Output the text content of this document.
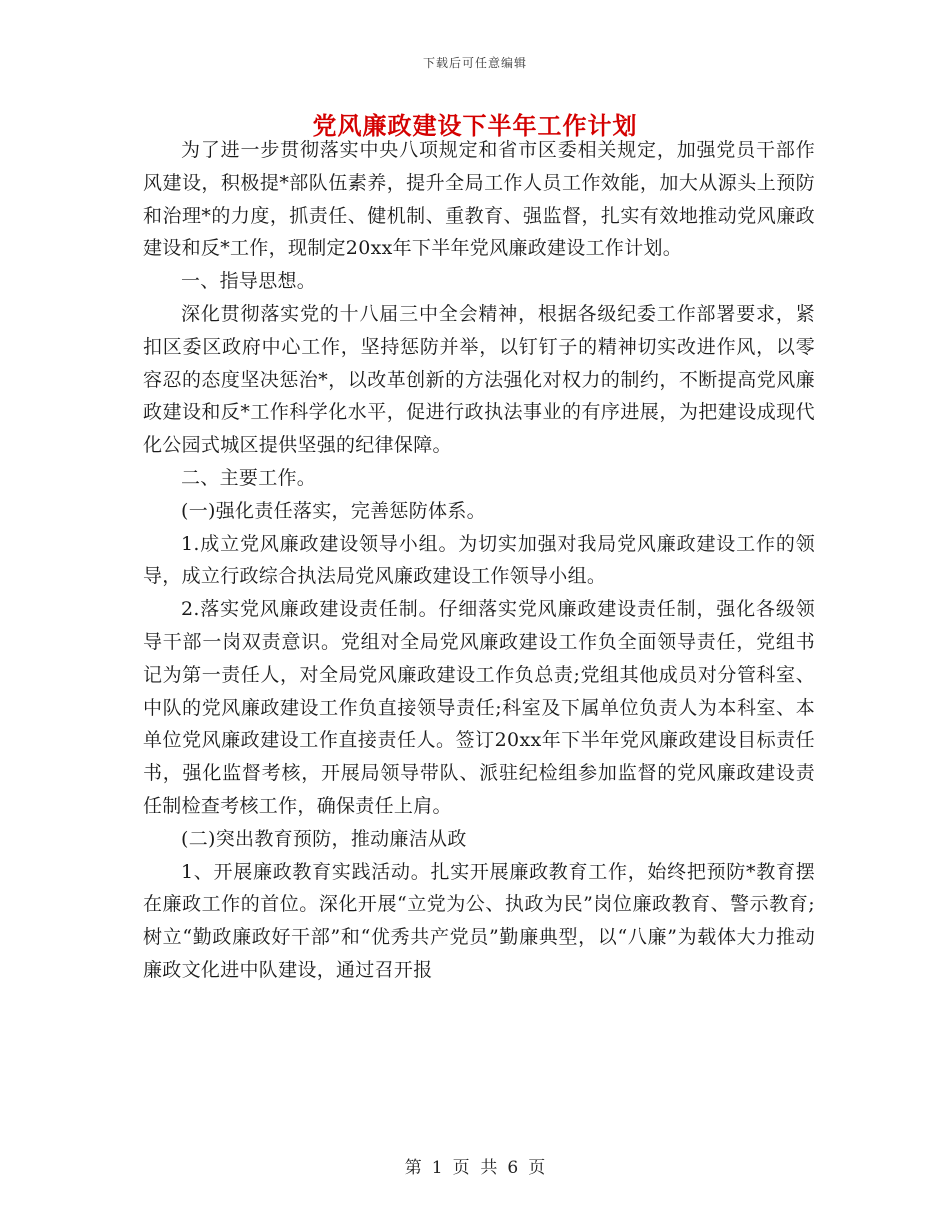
下载后可任意编辑
党风廉政建设下半年工作计划

为了进一步贯彻落实中央八项规定和省市区委相关规定，加强党员干部作风建设，积极提*部队伍素养，提升全局工作人员工作效能，加大从源头上预防和治理*的力度，抓责任、健机制、重教育、强监督，扎实有效地推动党风廉政建设和反*工作，现制定20xx年下半年党风廉政建设工作计划。

一、指导思想。

深化贯彻落实党的十八届三中全会精神，根据各级纪委工作部署要求，紧扣区委区政府中心工作，坚持惩防并举，以钉钉子的精神切实改进作风，以零容忍的态度坚决惩治*，以改革创新的方法强化对权力的制约，不断提高党风廉政建设和反*工作科学化水平，促进行政执法事业的有序进展，为把建设成现代化公园式城区提供坚强的纪律保障。

二、主要工作。

(一)强化责任落实，完善惩防体系。

1.成立党风廉政建设领导小组。为切实加强对我局党风廉政建设工作的领导，成立行政综合执法局党风廉政建设工作领导小组。

2.落实党风廉政建设责任制。仔细落实党风廉政建设责任制，强化各级领导干部一岗双责意识。党组对全局党风廉政建设工作负全面领导责任，党组书记为第一责任人，对全局党风廉政建设工作负总责;党组其他成员对分管科室、中队的党风廉政建设工作负直接领导责任;科室及下属单位负责人为本科室、本单位党风廉政建设工作直接责任人。签订20xx年下半年党风廉政建设目标责任书，强化监督考核，开展局领导带队、派驻纪检组参加监督的党风廉政建设责任制检查考核工作，确保责任上肩。

(二)突出教育预防，推动廉洁从政

1、开展廉政教育实践活动。扎实开展廉政教育工作，始终把预防*教育摆在廉政工作的首位。深化开展“立党为公、执政为民”岗位廉政教育、警示教育;树立“勤政廉政好干部”和“优秀共产党员”勤廉典型，以“八廉”为载体大力推动廉政文化进中队建设，通过召开报

第 1 页  共 6 页
